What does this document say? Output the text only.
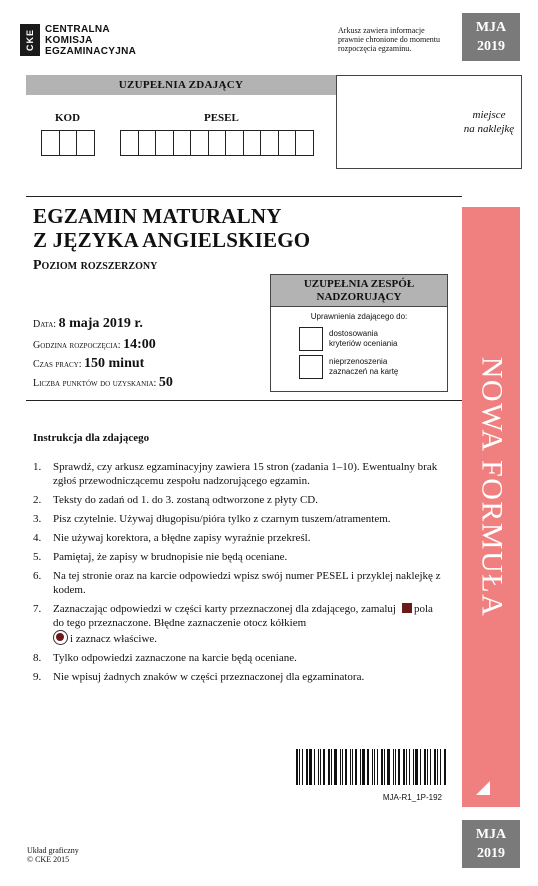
CKE	CENTRALNA
KOMISJA
EGZAMINACYJNA
Arkusz zawiera informacje prawnie chronione do momentu rozpoczęcia egzaminu.
MJA
2019
UZUPEŁNIA ZDAJĄCY
KOD	PESEL	miejsce
na naklejkę
EGZAMIN MATURALNY
Z JĘZYKA ANGIELSKIEGO
Poziom rozszerzony
Data: 8 maja 2019 r.
Godzina rozpoczęcia: 14:00
Czas pracy: 150 minut
Liczba punktów do uzyskania: 50
UZUPEŁNIA ZESPÓŁ
NADZORUJĄCY
Uprawnienia zdającego do:
dostosowania
kryteriów oceniania
nieprzenoszenia
zaznaczeń na kartę	NOWA FORMUŁA
Instrukcja dla zdającego
1. Sprawdź, czy arkusz egzaminacyjny zawiera 15 stron (zadania 1–10). Ewentualny brak zgłoś przewodniczącemu zespołu nadzorującego egzamin.
2. Teksty do zadań od 1. do 3. zostaną odtworzone z płyty CD.
3. Pisz czytelnie. Używaj długopisu/pióra tylko z czarnym tuszem/atramentem.
4. Nie używaj korektora, a błędne zapisy wyraźnie przekreśl.
5. Pamiętaj, że zapisy w brudnopisie nie będą oceniane.
6. Na tej stronie oraz na karcie odpowiedzi wpisz swój numer PESEL i przyklej naklejkę z kodem.
7. Zaznaczając odpowiedzi w części karty przeznaczonej dla zdającego, zamaluj pola do tego przeznaczone. Błędne zaznaczenie otocz kółkiem
i zaznacz właściwe.
8. Tylko odpowiedzi zaznaczone na karcie będą oceniane.
9. Nie wpisuj żadnych znaków w części przeznaczonej dla egzaminatora.
MJA-R1_1P-192
Układ graficzny
© CKE 2015
MJA
2019
